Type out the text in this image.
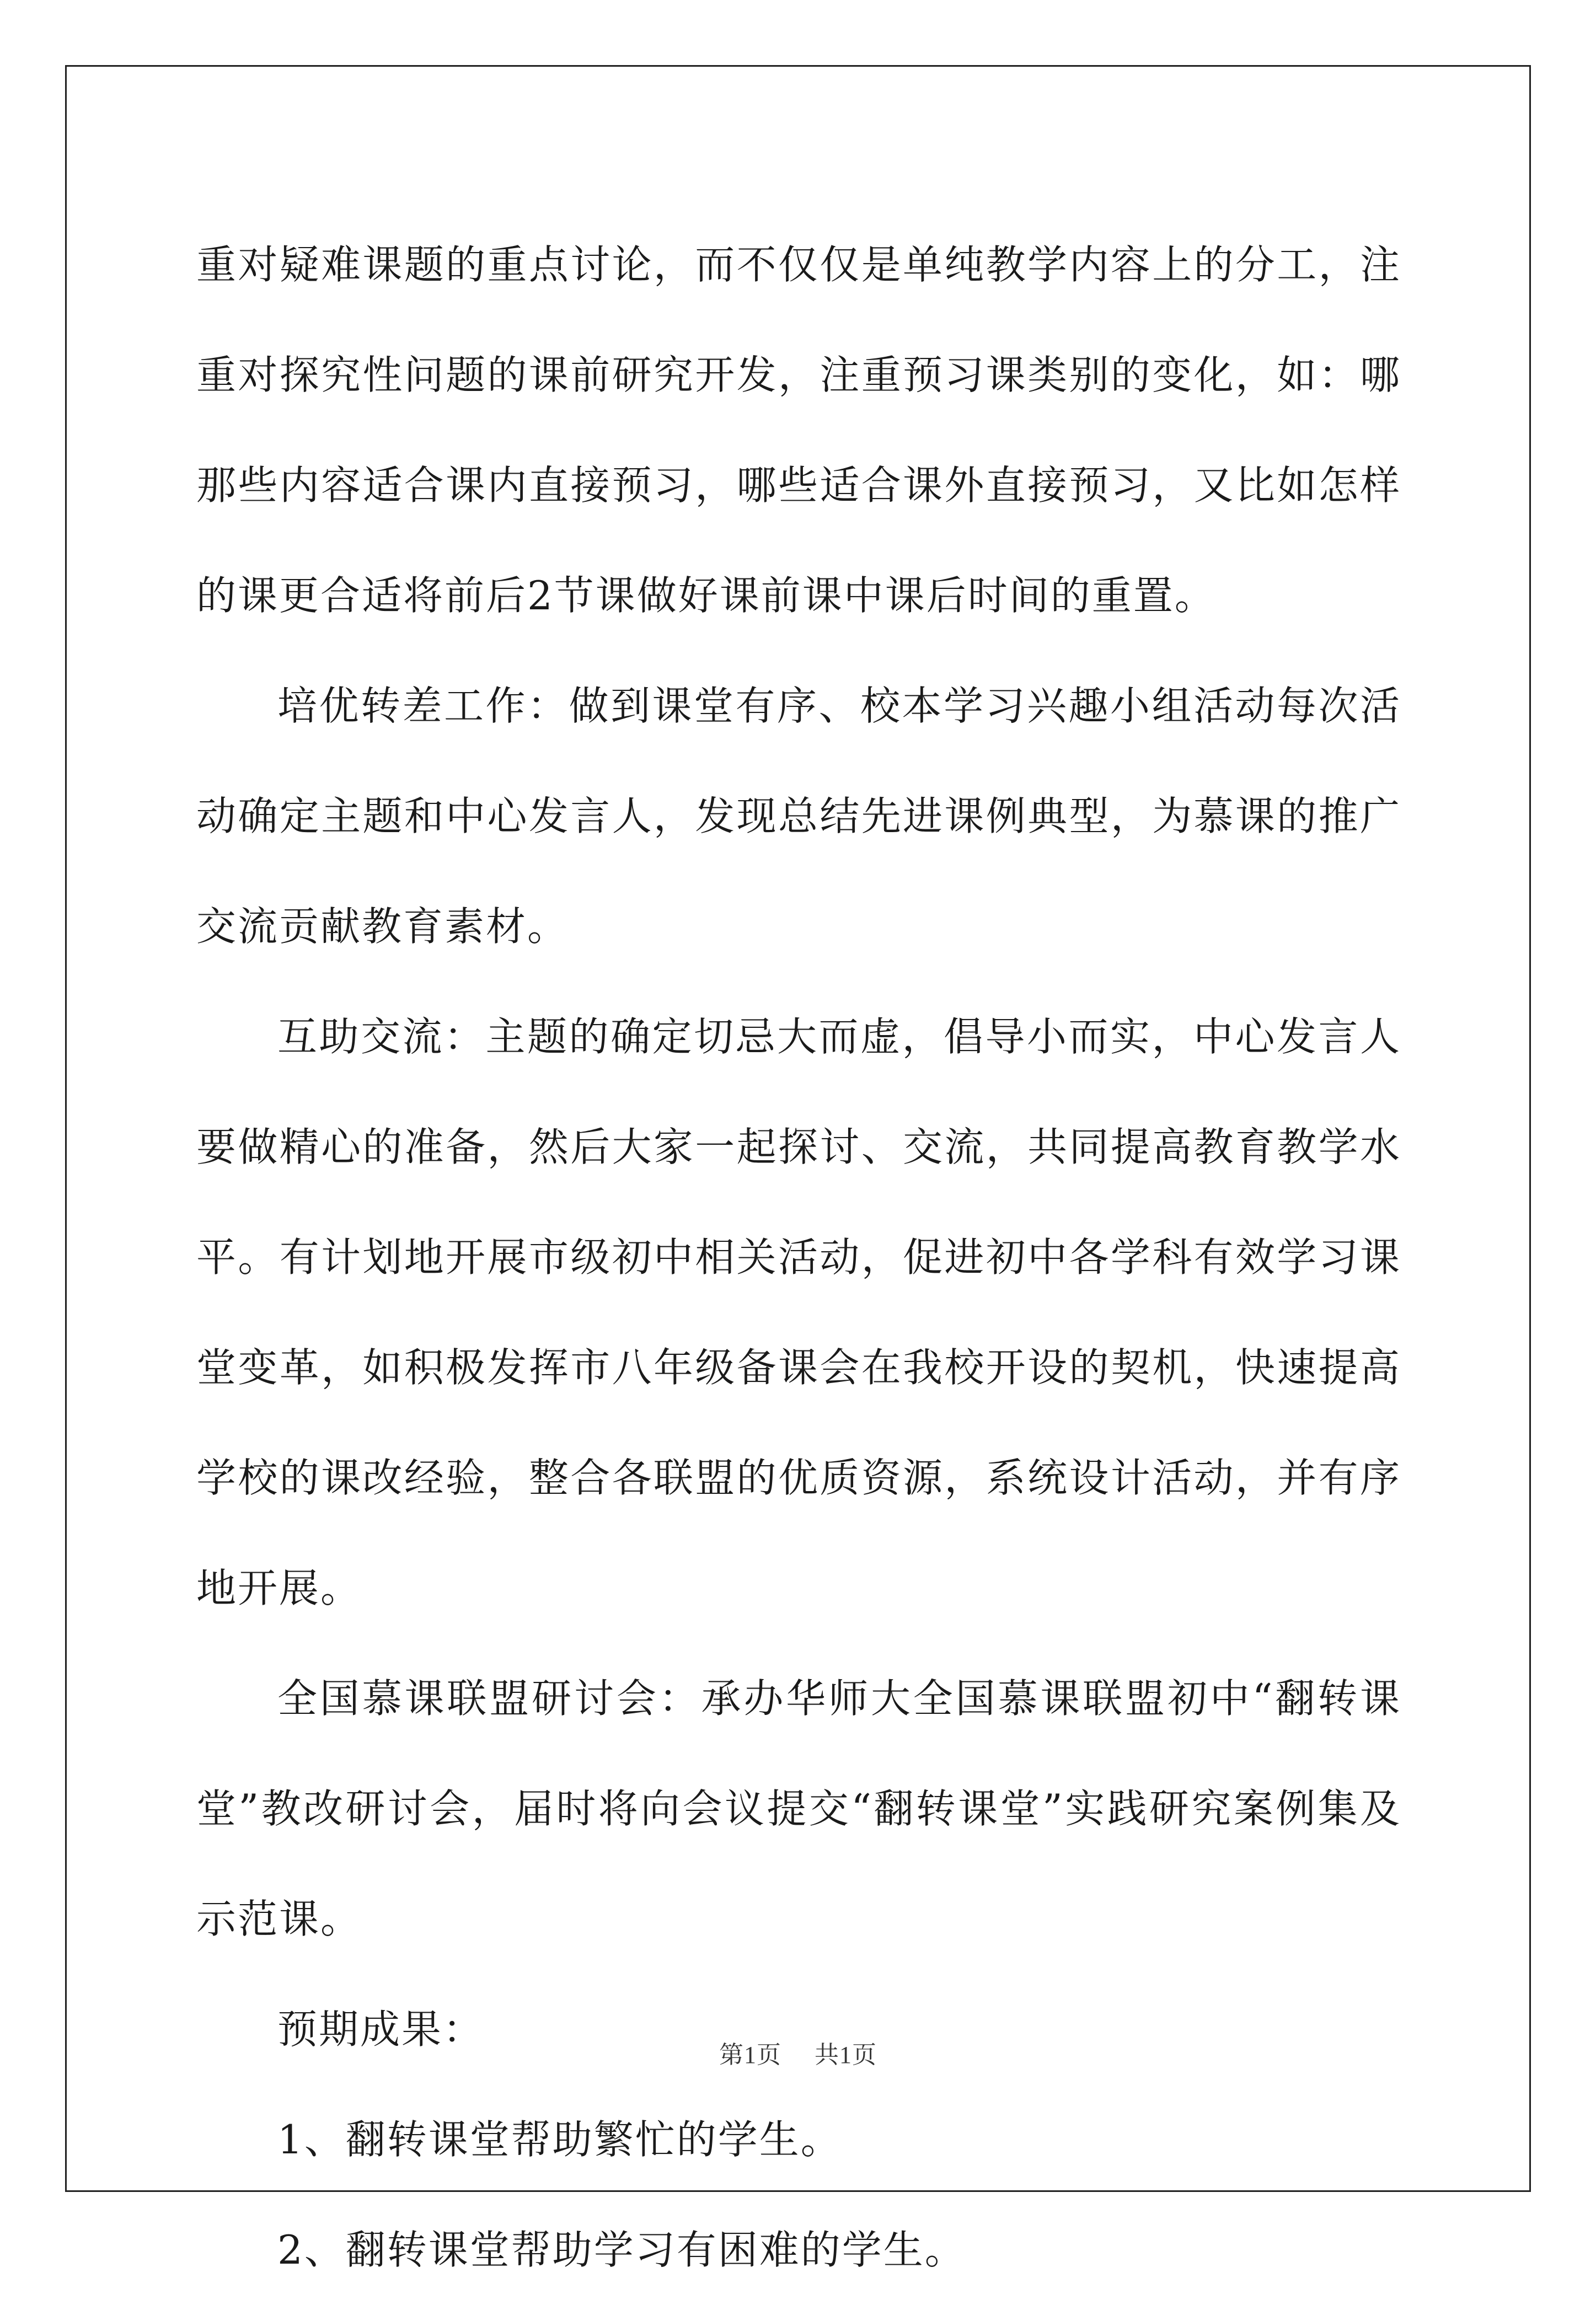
重对疑难课题的重点讨论，而不仅仅是单纯教学内容上的分工，注重对探究性问题的课前研究开发，注重预习课类别的变化，如：哪那些内容适合课内直接预习，哪些适合课外直接预习，又比如怎样的课更合适将前后2节课做好课前课中课后时间的重置。

培优转差工作：做到课堂有序、校本学习兴趣小组活动每次活动确定主题和中心发言人，发现总结先进课例典型，为慕课的推广交流贡献教育素材。

互助交流：主题的确定切忌大而虚，倡导小而实，中心发言人要做精心的准备，然后大家一起探讨、交流，共同提高教育教学水平。有计划地开展市级初中相关活动，促进初中各学科有效学习课堂变革，如积极发挥市八年级备课会在我校开设的契机，快速提高学校的课改经验，整合各联盟的优质资源，系统设计活动，并有序地开展。

全国慕课联盟研讨会：承办华师大全国慕课联盟初中“翻转课堂”教改研讨会，届时将向会议提交“翻转课堂”实践研究案例集及示范课。

预期成果：

1、翻转课堂帮助繁忙的学生。

2、翻转课堂帮助学习有困难的学生。

第1页 共1页
